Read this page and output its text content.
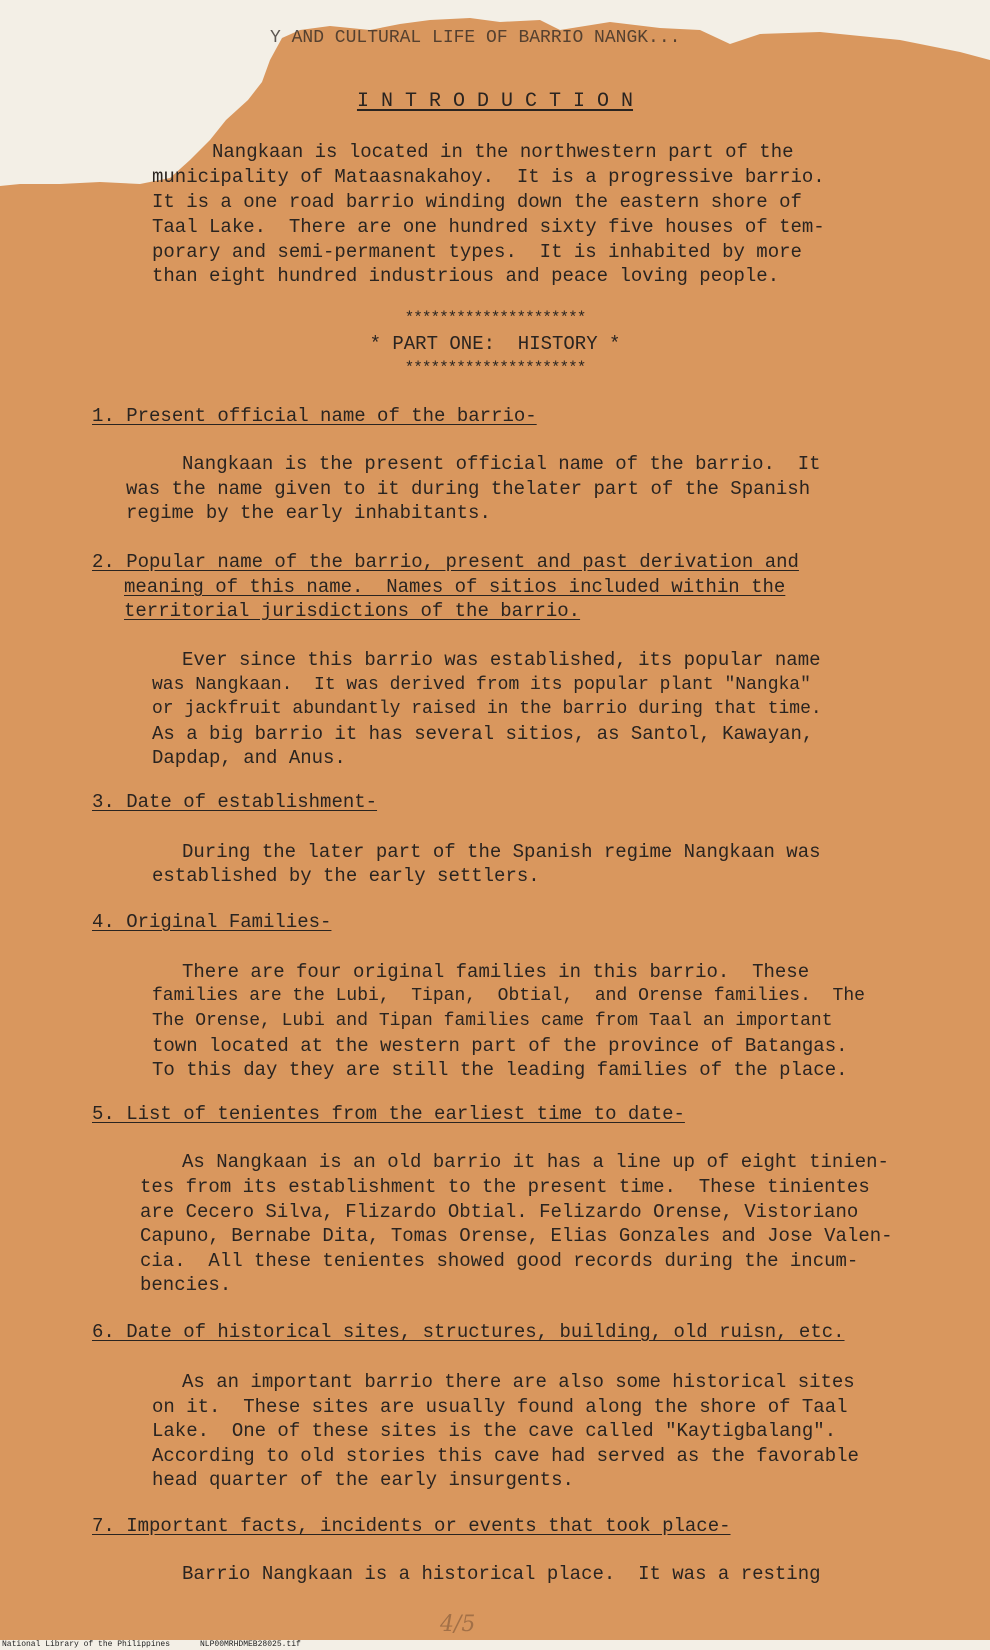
Y AND CULTURAL LIFE OF BARRIO NANGK...
I N T R O D U C T I O N
Nangkaan is located in the northwestern part of the
municipality of Mataasnakahoy.  It is a progressive barrio.
It is a one road barrio winding down the eastern shore of
Taal Lake.  There are one hundred sixty five houses of tem-
porary and semi-permanent types.  It is inhabited by more
than eight hundred industrious and peace loving people.
*********************
* PART ONE:  HISTORY *
*********************
1. Present official name of the barrio-
Nangkaan is the present official name of the barrio.  It
was the name given to it during thelater part of the Spanish
regime by the early inhabitants.
2. Popular name of the barrio, present and past derivation and
meaning of this name.  Names of sitios included within the
territorial jurisdictions of the barrio.
Ever since this barrio was established, its popular name
was Nangkaan.  It was derived from its popular plant "Nangka"
or jackfruit abundantly raised in the barrio during that time.
As a big barrio it has several sitios, as Santol, Kawayan,
Dapdap, and Anus.
3. Date of establishment-
During the later part of the Spanish regime Nangkaan was
established by the early settlers.
4. Original Families-
There are four original families in this barrio.  These
families are the Lubi,  Tipan,  Obtial,  and Orense families.  The
The Orense, Lubi and Tipan families came from Taal an important
town located at the western part of the province of Batangas.
To this day they are still the leading families of the place.
5. List of tenientes from the earliest time to date-
As Nangkaan is an old barrio it has a line up of eight tinien-
tes from its establishment to the present time.  These tinientes
are Cecero Silva, Flizardo Obtial. Felizardo Orense, Vistoriano
Capuno, Bernabe Dita, Tomas Orense, Elias Gonzales and Jose Valen-
cia.  All these tenientes showed good records during the incum-
bencies.
6. Date of historical sites, structures, building, old ruisn, etc.
As an important barrio there are also some historical sites
on it.  These sites are usually found along the shore of Taal
Lake.  One of these sites is the cave called "Kaytigbalang".
According to old stories this cave had served as the favorable
head quarter of the early insurgents.
7. Important facts, incidents or events that took place-
Barrio Nangkaan is a historical place.  It was a resting
4/5
National Library of the Philippines	NLP00MRHDMEB28025.tif
